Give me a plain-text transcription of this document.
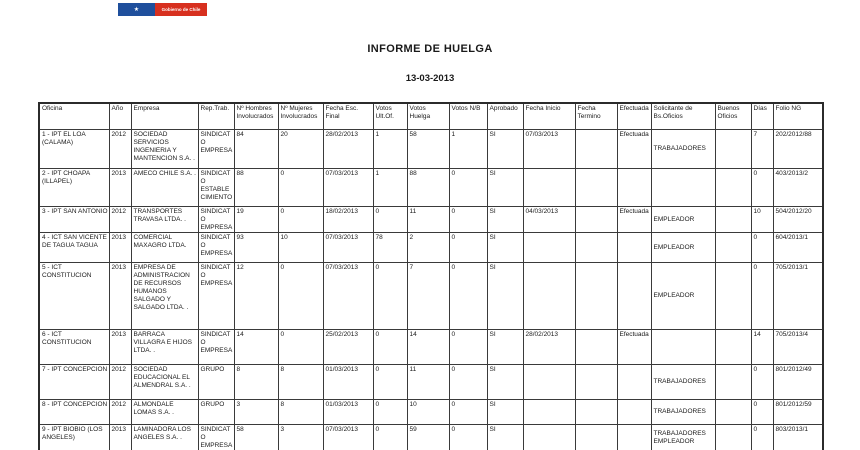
★	Gobierno de Chile
INFORME DE HUELGA
13-03-2013
Oficina	Año	Empresa	Rep.Trab.	Nº Hombres Involucrados	Nº Mujeres Involucrados	Fecha Esc. Final	Votos Ult.Of.	Votos Huelga	Votos N/B	Aprobado	Fecha Inicio	Fecha Termino	Efectuada	Solicitante de Bs.Oficios	Buenos Oficios	Días	Folio NG
1 - IPT EL LOA (CALAMA)	2012	SOCIEDAD SERVICIOS INGENIERIA Y MANTENCION S.A. .	SINDICATO EMPRESA	84	20	28/02/2013	1	58	1	SI	07/03/2013		Efectuada	TRABAJADORES		7	202/2012/88
2 - IPT CHOAPA (ILLAPEL)	2013	AMECO CHILE S.A. .	SINDICATO ESTABLECIMIENTO	88	0	07/03/2013	1	88	0	SI						0	403/2013/2
3 - IPT SAN ANTONIO	2012	TRANSPORTES TRAVASA LTDA. .	SINDICATO EMPRESA	19	0	18/02/2013	0	11	0	SI	04/03/2013		Efectuada	EMPLEADOR		10	504/2012/20
4 - ICT SAN VICENTE DE TAGUA TAGUA	2013	COMERCIAL MAXAGRO LTDA.	SINDICATO EMPRESA	93	10	07/03/2013	78	2	0	SI				EMPLEADOR		0	604/2013/1
5 - ICT CONSTITUCION	2013	EMPRESA DE ADMINISTRACION DE RECURSOS HUMANOS SALGADO Y SALGADO LTDA. .	SINDICATO EMPRESA	12	0	07/03/2013	0	7	0	SI				EMPLEADOR		0	705/2013/1
6 - ICT CONSTITUCION	2013	BARRACA VILLAGRA E HIJOS LTDA. .	SINDICATO EMPRESA	14	0	25/02/2013	0	14	0	SI	28/02/2013		Efectuada			14	705/2013/4
7 - IPT CONCEPCION	2012	SOCIEDAD EDUCACIONAL EL ALMENDRAL S.A. .	GRUPO	8	8	01/03/2013	0	11	0	SI				TRABAJADORES		0	801/2012/49
8 - IPT CONCEPCION	2012	ALMONDALE LOMAS S.A. .	GRUPO	3	8	01/03/2013	0	10	0	SI				TRABAJADORES		0	801/2012/59
9 - IPT BIOBIO (LOS ANGELES)	2013	LAMINADORA LOS ANGELES S.A. .	SINDICATO EMPRESA	58	3	07/03/2013	0	59	0	SI				TRABAJADORES EMPLEADOR		0	803/2013/1
